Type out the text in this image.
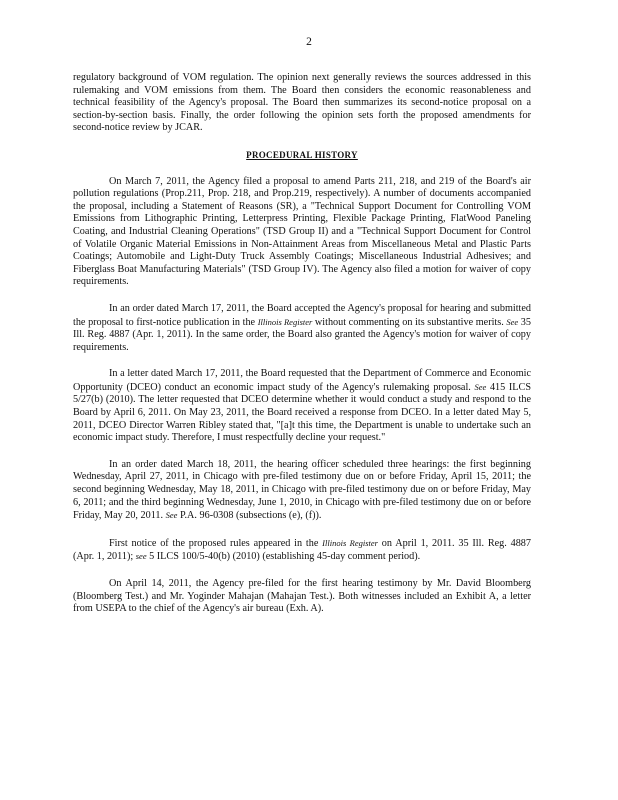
2

regulatory background of VOM regulation. The opinion next generally reviews the sources addressed in this rulemaking and VOM emissions from them. The Board then considers the economic reasonableness and technical feasibility of the Agency's proposal. The Board then summarizes its second-notice proposal on a section-by-section basis. Finally, the order following the opinion sets forth the proposed amendments for second-notice review by JCAR.

PROCEDURAL HISTORY

On March 7, 2011, the Agency filed a proposal to amend Parts 211, 218, and 219 of the Board's air pollution regulations (Prop.211, Prop. 218, and Prop.219, respectively). A number of documents accompanied the proposal, including a Statement of Reasons (SR), a "Technical Support Document for Controlling VOM Emissions from Lithographic Printing, Letterpress Printing, Flexible Package Printing, FlatWood Paneling Coating, and Industrial Cleaning Operations" (TSD Group II) and a "Technical Support Document for Control of Volatile Organic Material Emissions in Non-Attainment Areas from Miscellaneous Metal and Plastic Parts Coatings; Automobile and Light-Duty Truck Assembly Coatings; Miscellaneous Industrial Adhesives; and Fiberglass Boat Manufacturing Materials" (TSD Group IV). The Agency also filed a motion for waiver of copy requirements.

In an order dated March 17, 2011, the Board accepted the Agency's proposal for hearing and submitted the proposal to first-notice publication in the Illinois Register without commenting on its substantive merits. See 35 Ill. Reg. 4887 (Apr. 1, 2011). In the same order, the Board also granted the Agency's motion for waiver of copy requirements.

In a letter dated March 17, 2011, the Board requested that the Department of Commerce and Economic Opportunity (DCEO) conduct an economic impact study of the Agency's rulemaking proposal. See 415 ILCS 5/27(b) (2010). The letter requested that DCEO determine whether it would conduct a study and respond to the Board by April 6, 2011. On May 23, 2011, the Board received a response from DCEO. In a letter dated May 5, 2011, DCEO Director Warren Ribley stated that, "[a]t this time, the Department is unable to undertake such an economic impact study. Therefore, I must respectfully decline your request."

In an order dated March 18, 2011, the hearing officer scheduled three hearings: the first beginning Wednesday, April 27, 2011, in Chicago with pre-filed testimony due on or before Friday, April 15, 2011; the second beginning Wednesday, May 18, 2011, in Chicago with pre-filed testimony due on or before Friday, May 6, 2011; and the third beginning Wednesday, June 1, 2010, in Chicago with pre-filed testimony due on or before Friday, May 20, 2011. See P.A. 96-0308 (subsections (e), (f)).

First notice of the proposed rules appeared in the Illinois Register on April 1, 2011. 35 Ill. Reg. 4887 (Apr. 1, 2011); see 5 ILCS 100/5-40(b) (2010) (establishing 45-day comment period).

On April 14, 2011, the Agency pre-filed for the first hearing testimony by Mr. David Bloomberg (Bloomberg Test.) and Mr. Yoginder Mahajan (Mahajan Test.). Both witnesses included an Exhibit A, a letter from USEPA to the chief of the Agency's air bureau (Exh. A).
